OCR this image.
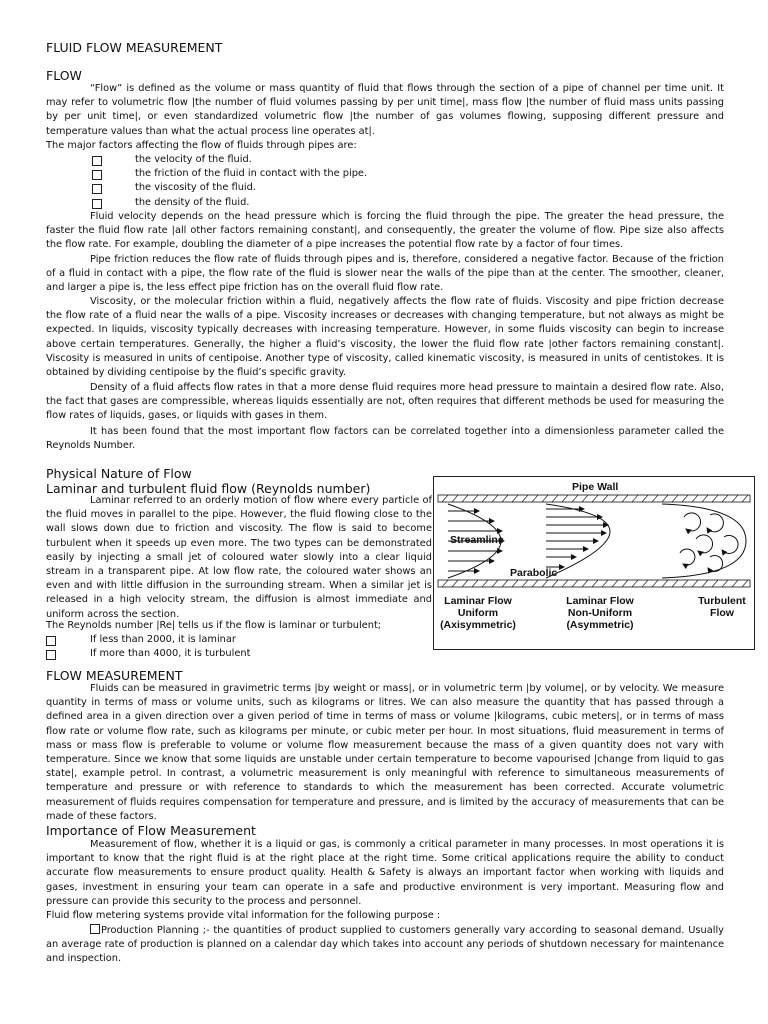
FLUID FLOW MEASUREMENT
FLOW

“Flow” is defined as the volume or mass quantity of fluid that flows through the section of a pipe of channel per time unit. It may refer to volumetric flow |the number of fluid volumes passing by per unit time|, mass flow |the number of fluid mass units passing by per unit time|, or even standardized volumetric flow |the number of gas volumes flowing, supposing different pressure and temperature values than what the actual process line operates at|.

The major factors affecting the flow of fluids through pipes are:
the velocity of the fluid.
the friction of the fluid in contact with the pipe.
the viscosity of the fluid.
the density of the fluid.

Fluid velocity depends on the head pressure which is forcing the fluid through the pipe. The greater the head pressure, the faster the fluid flow rate |all other factors remaining constant|, and consequently, the greater the volume of flow. Pipe size also affects the flow rate. For example, doubling the diameter of a pipe increases the potential flow rate by a factor of four times.

Pipe friction reduces the flow rate of fluids through pipes and is, therefore, considered a negative factor. Because of the friction of a fluid in contact with a pipe, the flow rate of the fluid is slower near the walls of the pipe than at the center. The smoother, cleaner, and larger a pipe is, the less effect pipe friction has on the overall fluid flow rate.

Viscosity, or the molecular friction within a fluid, negatively affects the flow rate of fluids. Viscosity and pipe friction decrease the flow rate of a fluid near the walls of a pipe. Viscosity increases or decreases with changing temperature, but not always as might be expected. In liquids, viscosity typically decreases with increasing temperature. However, in some fluids viscosity can begin to increase above certain temperatures. Generally, the higher a fluid’s viscosity, the lower the fluid flow rate |other factors remaining constant|. Viscosity is measured in units of centipoise. Another type of viscosity, called kinematic viscosity, is measured in units of centistokes. It is obtained by dividing centipoise by the fluid’s specific gravity.

Density of a fluid affects flow rates in that a more dense fluid requires more head pressure to maintain a desired flow rate. Also, the fact that gases are compressible, whereas liquids essentially are not, often requires that different methods be used for measuring the flow rates of liquids, gases, or liquids with gases in them.

It has been found that the most important flow factors can be correlated together into a dimensionless parameter called the Reynolds Number.

Physical Nature of Flow
Laminar and turbulent fluid flow (Reynolds number)

Laminar referred to an orderly motion of flow where every particle of the fluid moves in parallel to the pipe. However, the fluid flowing close to the wall slows down due to friction and viscosity. The flow is said to become turbulent when it speeds up even more. The two types can be demonstrated easily by injecting a small jet of coloured water slowly into a clear liquid stream in a transparent pipe. At low flow rate, the coloured water shows an even and with little diffusion in the surrounding stream. When a similar jet is released in a high velocity stream, the diffusion is almost immediate and uniform across the section.

The Reynolds number |Re| tells us if the flow is laminar or turbulent;
If less than 2000, it is laminar
If more than 4000, it is turbulent
Streamline
Parabolic
Pipe Wall
Laminar Flow
Uniform
(Axisymmetric)
Laminar Flow
Non-Uniform
(Asymmetric)
Turbulent
Flow
FLOW MEASUREMENT

Fluids can be measured in gravimetric terms |by weight or mass|, or in volumetric term |by volume|, or by velocity. We measure quantity in terms of mass or volume units, such as kilograms or litres. We can also measure the quantity that has passed through a defined area in a given direction over a given period of time in terms of mass or volume |kilograms, cubic meters|, or in terms of mass flow rate or volume flow rate, such as kilograms per minute, or cubic meter per hour. In most situations, fluid measurement in terms of mass or mass flow is preferable to volume or volume flow measurement because the mass of a given quantity does not vary with temperature. Since we know that some liquids are unstable under certain temperature to become vapourised |change from liquid to gas state|, example petrol. In contrast, a volumetric measurement is only meaningful with reference to simultaneous measurements of temperature and pressure or with reference to standards to which the measurement has been corrected. Accurate volumetric measurement of fluids requires compensation for temperature and pressure, and is limited by the accuracy of measurements that can be made of these factors.

Importance of Flow Measurement

Measurement of flow, whether it is a liquid or gas, is commonly a critical parameter in many processes. In most operations it is important to know that the right fluid is at the right place at the right time. Some critical applications require the ability to conduct accurate flow measurements to ensure product quality. Health & Safety is always an important factor when working with liquids and gases, investment in ensuring your team can operate in a safe and productive environment is very important. Measuring flow and pressure can provide this security to the process and personnel.

Fluid flow metering systems provide vital information for the following purpose :

Production Planning ;- the quantities of product supplied to customers generally vary according to seasonal demand. Usually an average rate of production is planned on a calendar day which takes into account any periods of shutdown necessary for maintenance and inspection.
